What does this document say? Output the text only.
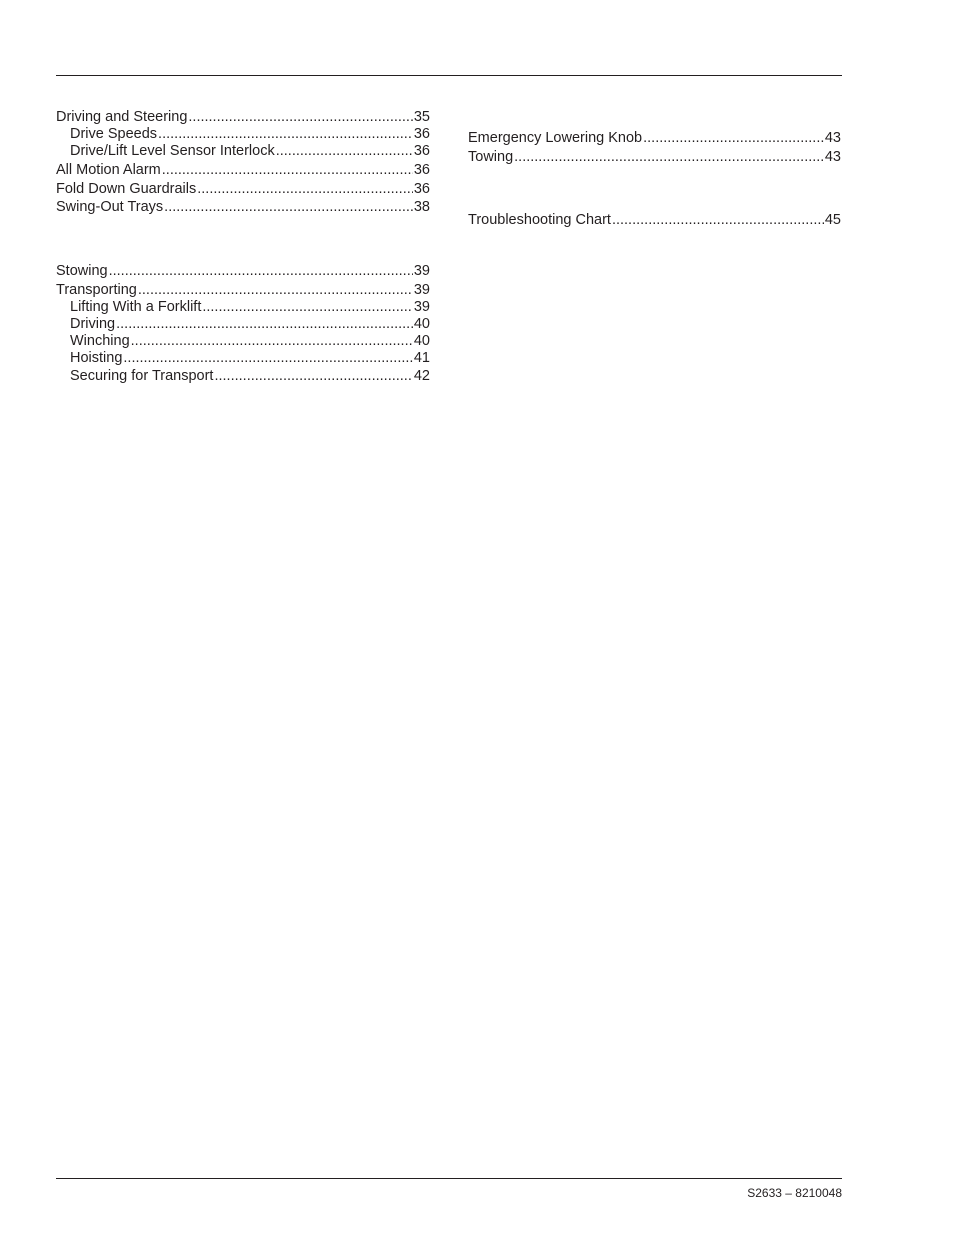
Driving and Steering .....	35
Drive Speeds .....	36
Drive/Lift Level Sensor Interlock .....	36
All Motion Alarm .....	36
Fold Down Guardrails .....	36
Swing-Out Trays .....	38
Stowing .....	39
Transporting .....	39
Lifting With a Forklift .....	39
Driving .....	40
Winching .....	40
Hoisting .....	41
Securing for Transport .....	42
Emergency Lowering Knob .....	43
Towing .....	43
Troubleshooting Chart .....	45
S2633 – 8210048
